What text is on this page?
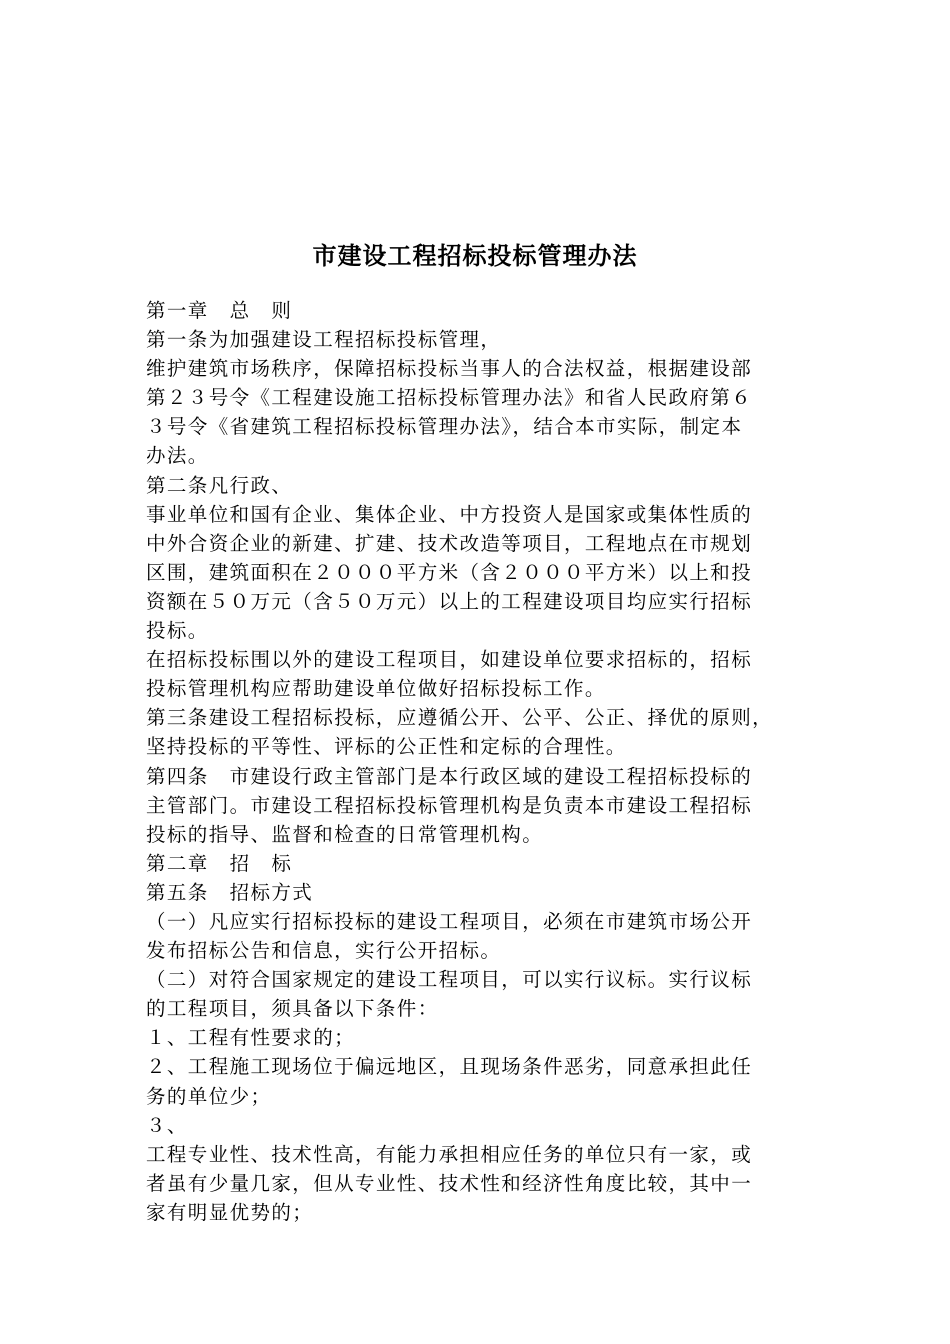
市建设工程招标投标管理办法

第一章　总　则

第一条为加强建设工程招标投标管理，

维护建筑市场秩序，保障招标投标当事人的合法权益，根据建设部

第２３号令《工程建设施工招标投标管理办法》和省人民政府第６

３号令《省建筑工程招标投标管理办法》，结合本市实际，制定本

办法。

第二条凡行政、

事业单位和国有企业、集体企业、中方投资人是国家或集体性质的

中外合资企业的新建、扩建、技术改造等项目，工程地点在市规划

区围，建筑面积在２０００平方米（含２０００平方米）以上和投

资额在５０万元（含５０万元）以上的工程建设项目均应实行招标

投标。

在招标投标围以外的建设工程项目，如建设单位要求招标的，招标

投标管理机构应帮助建设单位做好招标投标工作。

第三条建设工程招标投标，应遵循公开、公平、公正、择优的原则，

坚持投标的平等性、评标的公正性和定标的合理性。

第四条　市建设行政主管部门是本行政区域的建设工程招标投标的

主管部门。市建设工程招标投标管理机构是负责本市建设工程招标

投标的指导、监督和检查的日常管理机构。

第二章　招　标

第五条　招标方式

（一）凡应实行招标投标的建设工程项目，必须在市建筑市场公开

发布招标公告和信息，实行公开招标。

（二）对符合国家规定的建设工程项目，可以实行议标。实行议标

的工程项目，须具备以下条件：

１、工程有性要求的；

２、工程施工现场位于偏远地区，且现场条件恶劣，同意承担此任

务的单位少；

３、

工程专业性、技术性高，有能力承担相应任务的单位只有一家，或

者虽有少量几家，但从专业性、技术性和经济性角度比较，其中一

家有明显优势的；
